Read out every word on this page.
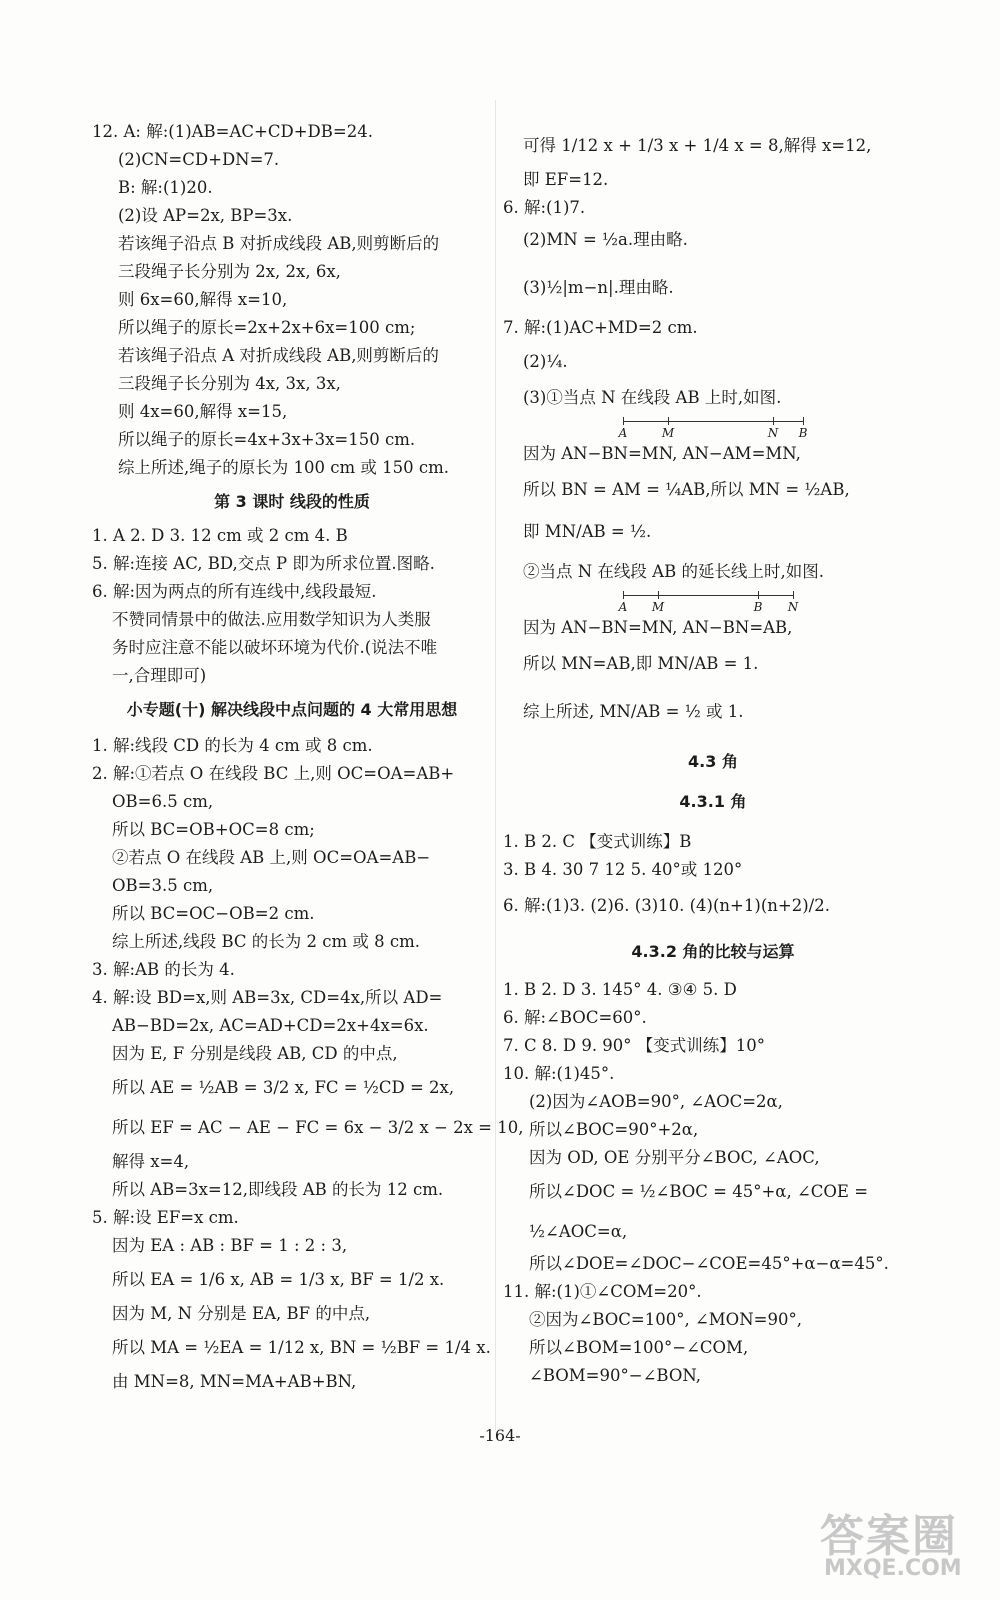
12. A: 解:(1)AB=AC+CD+DB=24.
(2)CN=CD+DN=7.
B: 解:(1)20.
(2)设 AP=2x, BP=3x.
若该绳子沿点 B 对折成线段 AB,则剪断后的
三段绳子长分别为 2x, 2x, 6x,
则 6x=60,解得 x=10,
所以绳子的原长=2x+2x+6x=100 cm;
若该绳子沿点 A 对折成线段 AB,则剪断后的
三段绳子长分别为 4x, 3x, 3x,
则 4x=60,解得 x=15,
所以绳子的原长=4x+3x+3x=150 cm.
综上所述,绳子的原长为 100 cm 或 150 cm.
第 3 课时 线段的性质
1. A 2. D 3. 12 cm 或 2 cm 4. B
5. 解:连接 AC, BD,交点 P 即为所求位置.图略.
6. 解:因为两点的所有连线中,线段最短.
不赞同情景中的做法.应用数学知识为人类服
务时应注意不能以破坏环境为代价.(说法不唯
一,合理即可)
小专题(十) 解决线段中点问题的 4 大常用思想
1. 解:线段 CD 的长为 4 cm 或 8 cm.
2. 解:①若点 O 在线段 BC 上,则 OC=OA=AB+
OB=6.5 cm,
所以 BC=OB+OC=8 cm;
②若点 O 在线段 AB 上,则 OC=OA=AB−
OB=3.5 cm,
所以 BC=OC−OB=2 cm.
综上所述,线段 BC 的长为 2 cm 或 8 cm.
3. 解:AB 的长为 4.
4. 解:设 BD=x,则 AB=3x, CD=4x,所以 AD=
AB−BD=2x, AC=AD+CD=2x+4x=6x.
因为 E, F 分别是线段 AB, CD 的中点,
所以 AE = ½AB = 3/2 x, FC = ½CD = 2x,
所以 EF = AC − AE − FC = 6x − 3/2 x − 2x = 10,
解得 x=4,
所以 AB=3x=12,即线段 AB 的长为 12 cm.
5. 解:设 EF=x cm.
因为 EA : AB : BF = 1 : 2 : 3,
所以 EA = 1/6 x, AB = 1/3 x, BF = 1/2 x.
因为 M, N 分别是 EA, BF 的中点,
所以 MA = ½EA = 1/12 x, BN = ½BF = 1/4 x.
由 MN=8, MN=MA+AB+BN,
可得 1/12 x + 1/3 x + 1/4 x = 8,解得 x=12,
即 EF=12.
6. 解:(1)7.
(2)MN = ½a.理由略.
(3)½|m−n|.理由略.
7. 解:(1)AC+MD=2 cm.
(2)¼.
(3)①当点 N 在线段 AB 上时,如图.
A	M	N B
因为 AN−BN=MN, AN−AM=MN,
所以 BN = AM = ¼AB,所以 MN = ½AB,
即 MN/AB = ½.
②当点 N 在线段 AB 的延长线上时,如图.
A M	B N
因为 AN−BN=MN, AN−BN=AB,
所以 MN=AB,即 MN/AB = 1.
综上所述, MN/AB = ½ 或 1.
4.3 角
4.3.1 角
1. B 2. C 【变式训练】B
3. B 4. 30 7 12 5. 40°或 120°
6. 解:(1)3. (2)6. (3)10. (4)(n+1)(n+2)/2.
4.3.2 角的比较与运算
1. B 2. D 3. 145° 4. ③④ 5. D
6. 解:∠BOC=60°.
7. C 8. D 9. 90° 【变式训练】10°
10. 解:(1)45°.
(2)因为∠AOB=90°, ∠AOC=2α,
所以∠BOC=90°+2α,
因为 OD, OE 分别平分∠BOC, ∠AOC,
所以∠DOC = ½∠BOC = 45°+α, ∠COE =
½∠AOC=α,
所以∠DOE=∠DOC−∠COE=45°+α−α=45°.
11. 解:(1)①∠COM=20°.
②因为∠BOC=100°, ∠MON=90°,
所以∠BOM=100°−∠COM,
∠BOM=90°−∠BON,
-164-
答案圈
MXQE.COM
